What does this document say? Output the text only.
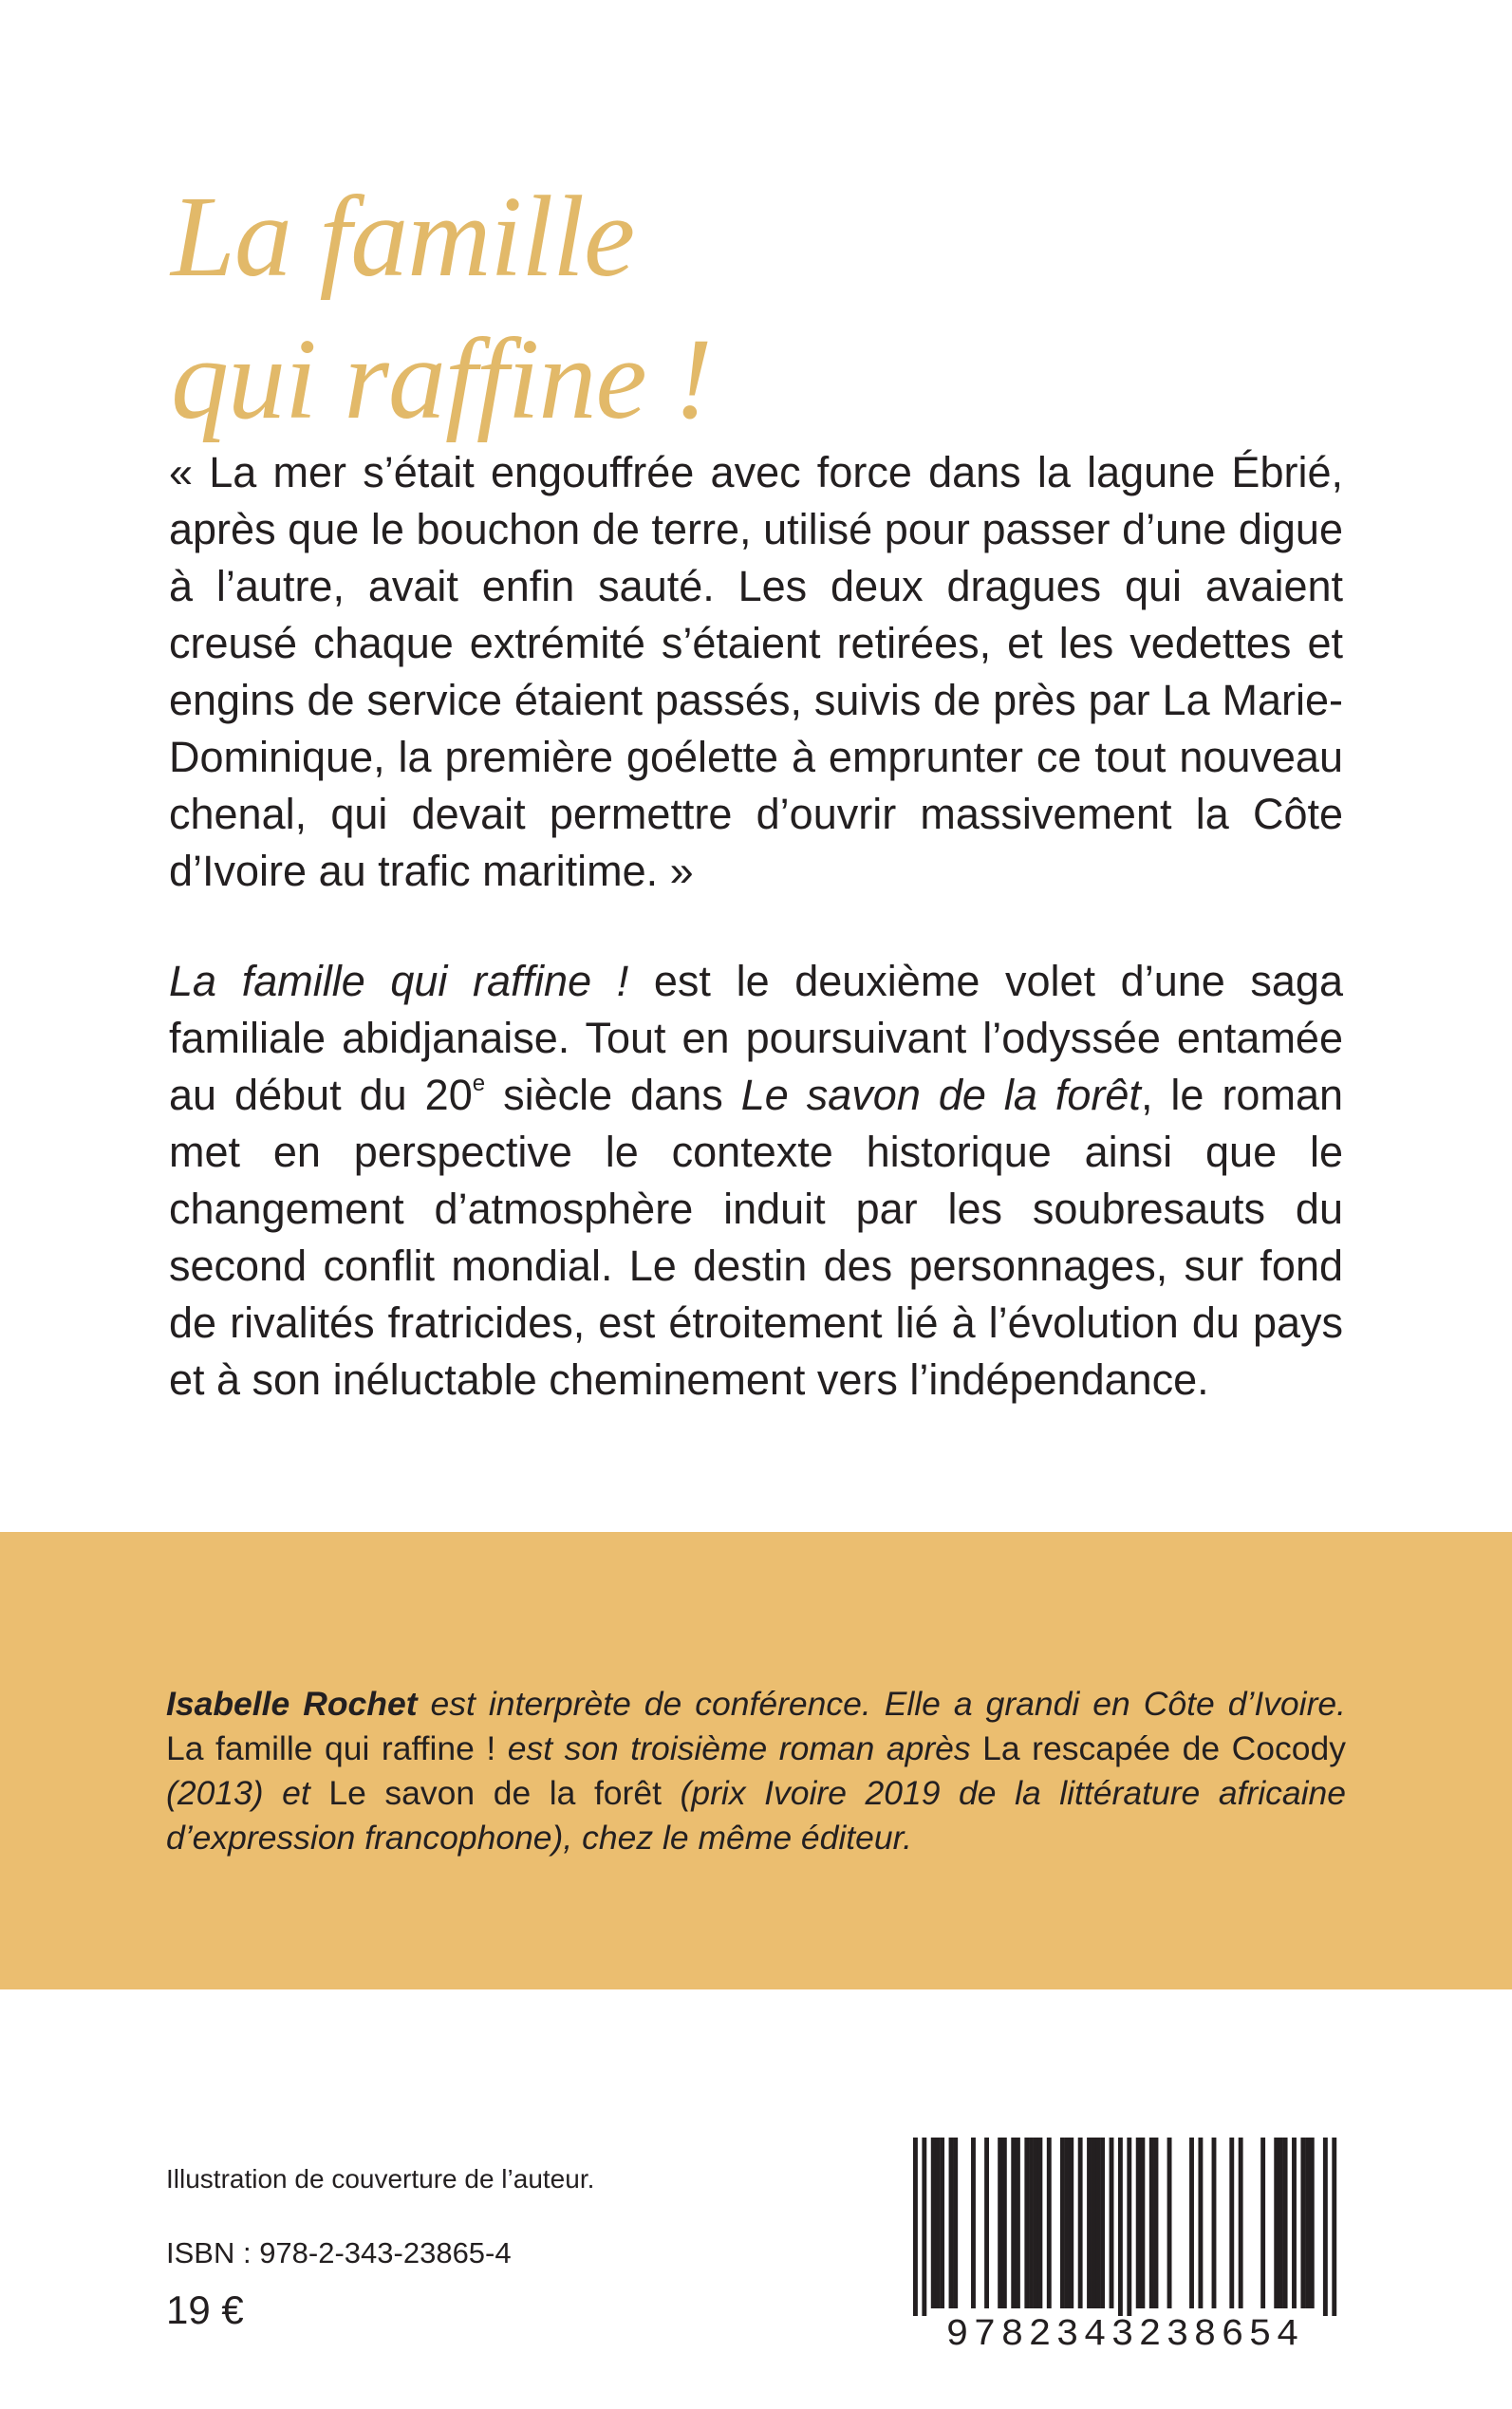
La famille

qui raffine !

« La mer s’était engouffrée avec force dans la lagune Ébrié, après que le bouchon de terre, utilisé pour passer d’une digue à l’autre, avait enfin sauté. Les deux dragues qui avaient creusé chaque extrémité s’étaient retirées, et les vedettes et engins de service étaient passés, suivis de près par La Marie-Dominique, la première goélette à emprunter ce tout nouveau chenal, qui devait permettre d’ouvrir massivement la Côte d’Ivoire au trafic maritime. »

La famille qui raffine ! est le deuxième volet d’une saga familiale abidjanaise. Tout en poursuivant l’odyssée entamée au début du 20e siècle dans Le savon de la forêt, le roman met en perspective le contexte historique ainsi que le changement d’atmosphère induit par les soubresauts du second conflit mondial. Le destin des personnages, sur fond de rivalités fratricides, est étroitement lié à l’évolution du pays et à son inéluctable cheminement vers l’indépendance.

Isabelle Rochet est interprète de conférence. Elle a grandi en Côte d’Ivoire. La famille qui raffine ! est son troisième roman après La rescapée de Cocody (2013) et Le savon de la forêt (prix Ivoire 2019 de la littérature africaine d’expression francophone), chez le même éditeur.

Illustration de couverture de l’auteur.
ISBN : 978-2-343-23865-4
19 €
9782343238654
